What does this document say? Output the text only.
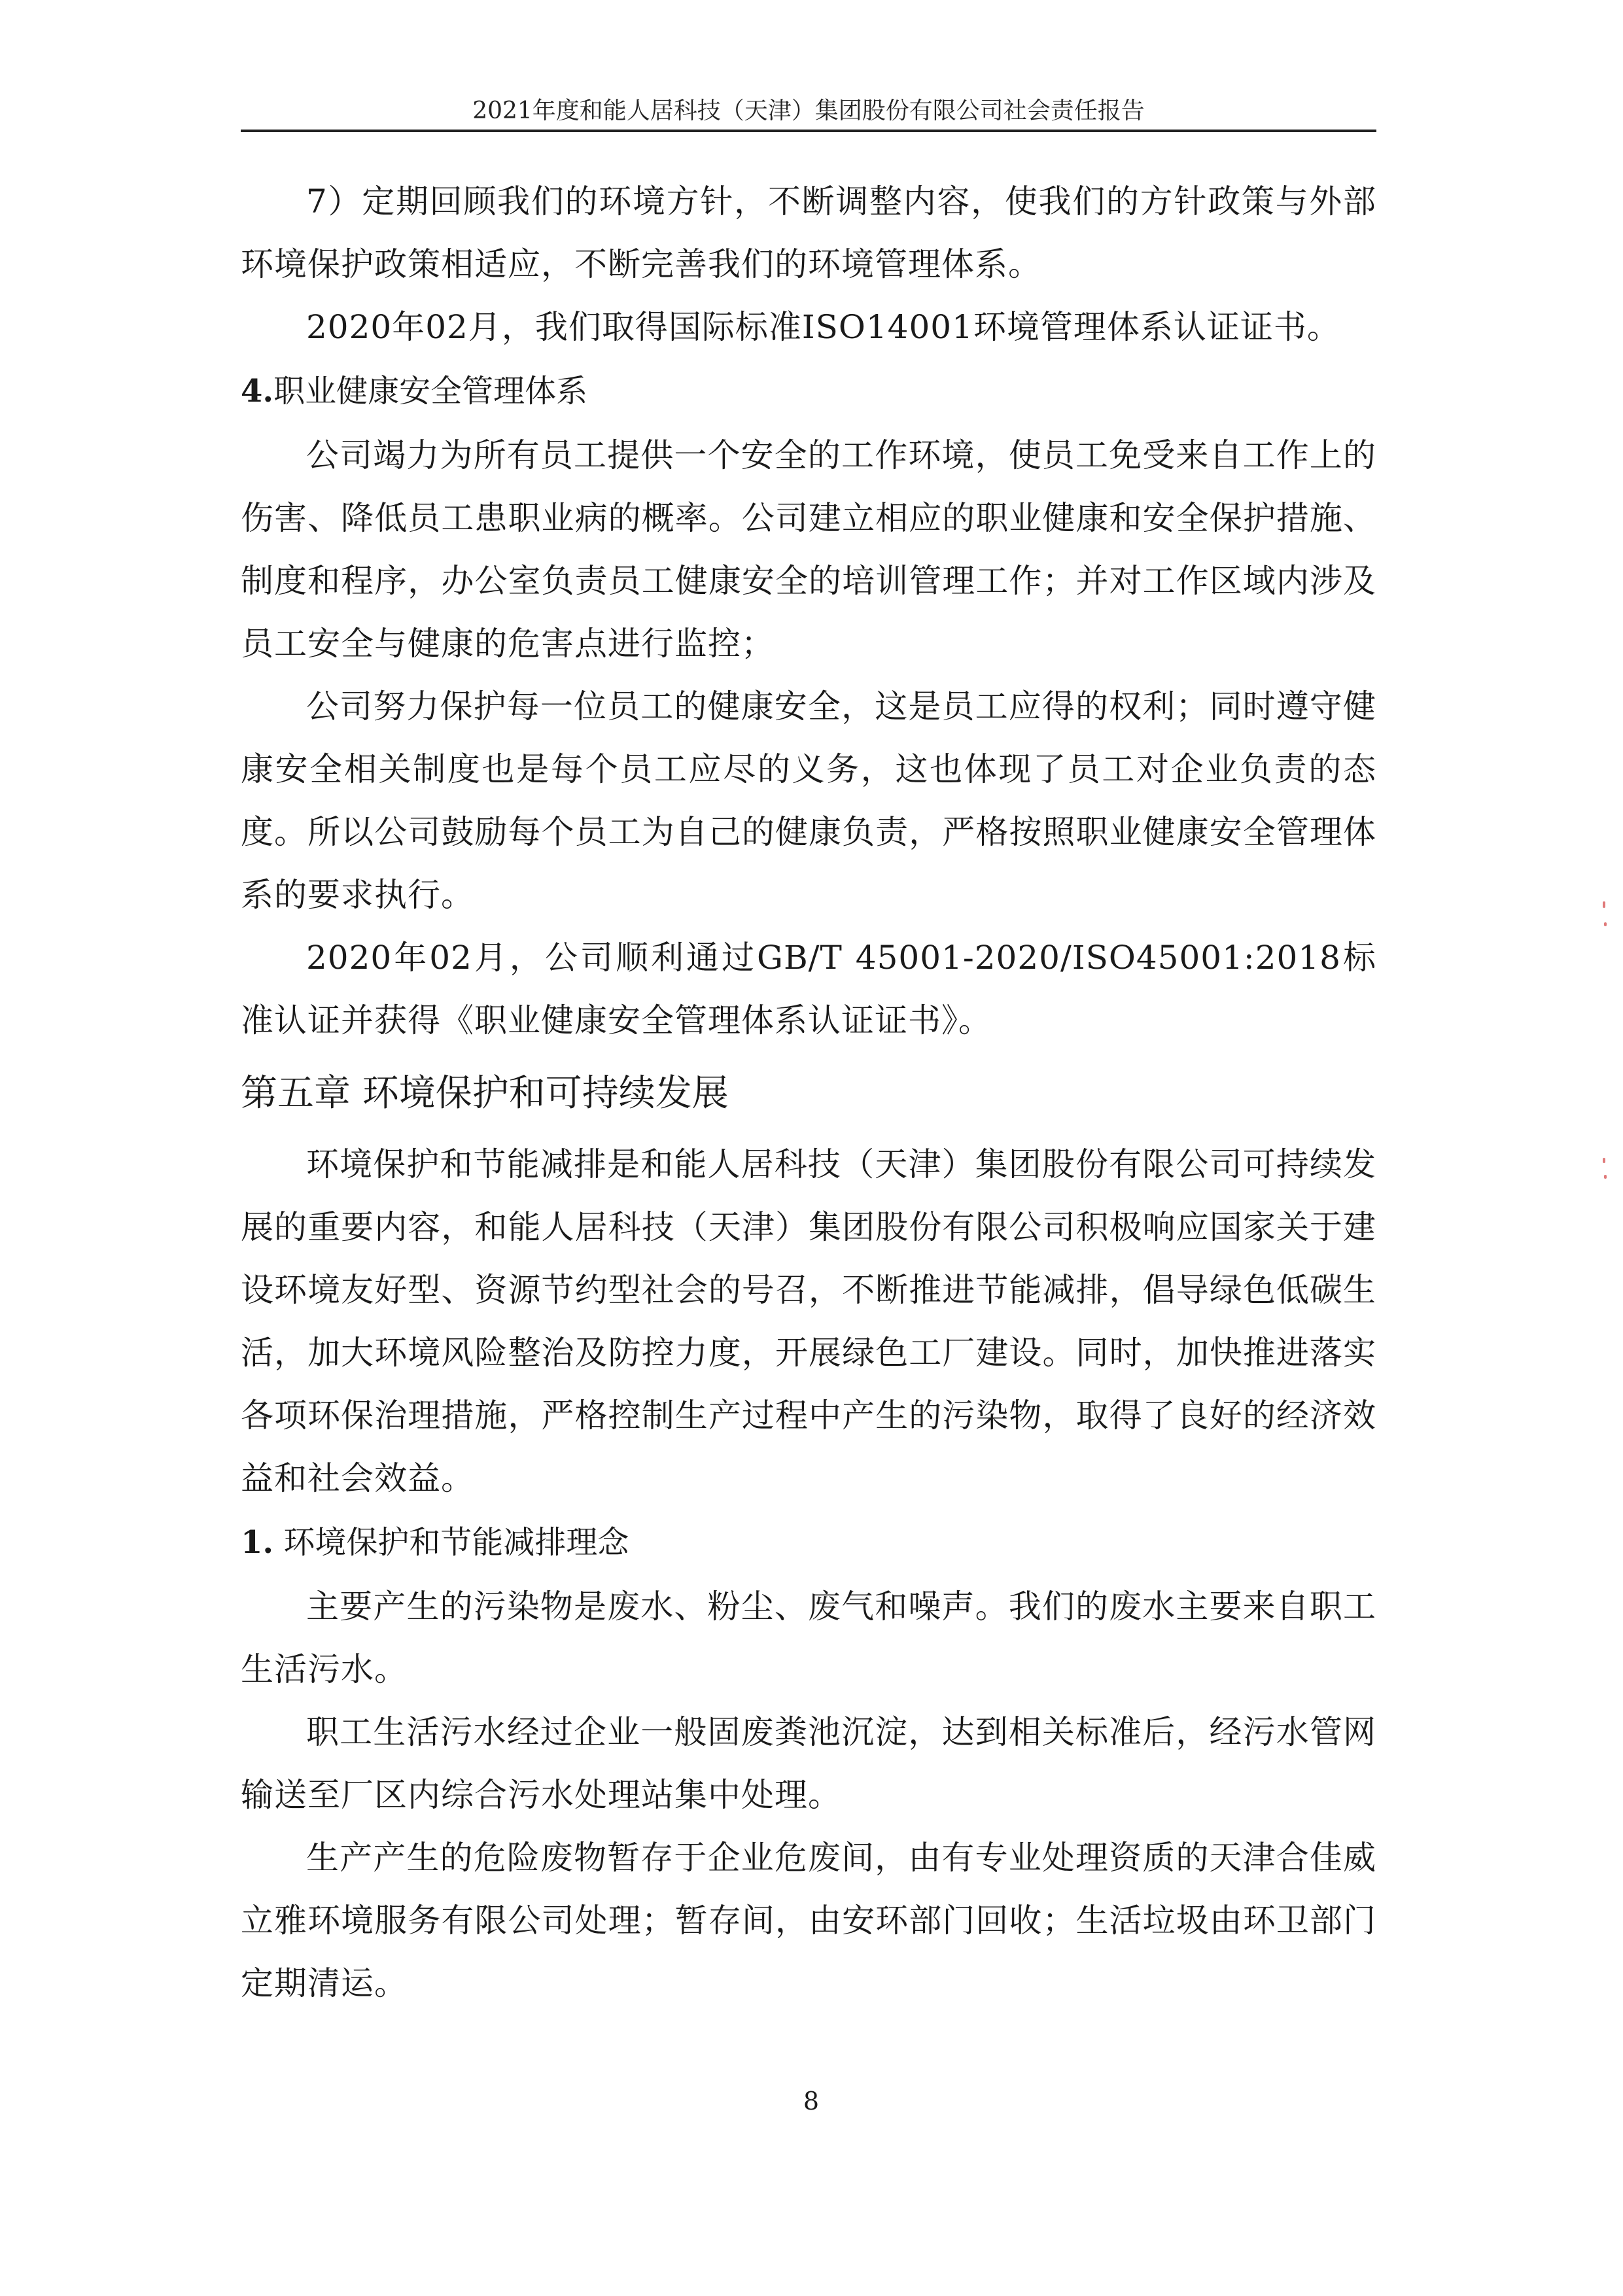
2021年度和能人居科技（天津）集团股份有限公司社会责任报告

7）定期回顾我们的环境方针，不断调整内容，使我们的方针政策与外部环境保护政策相适应，不断完善我们的环境管理体系。

2020年02月，我们取得国际标准ISO14001环境管理体系认证证书。

4.职业健康安全管理体系

公司竭力为所有员工提供一个安全的工作环境，使员工免受来自工作上的伤害、降低员工患职业病的概率。公司建立相应的职业健康和安全保护措施、制度和程序，办公室负责员工健康安全的培训管理工作；并对工作区域内涉及员工安全与健康的危害点进行监控；

公司努力保护每一位员工的健康安全，这是员工应得的权利；同时遵守健康安全相关制度也是每个员工应尽的义务，这也体现了员工对企业负责的态度。所以公司鼓励每个员工为自己的健康负责，严格按照职业健康安全管理体系的要求执行。

2020年02月，公司顺利通过GB/T 45001-2020/ISO45001:2018标准认证并获得《职业健康安全管理体系认证证书》。

第五章 环境保护和可持续发展

环境保护和节能减排是和能人居科技（天津）集团股份有限公司可持续发展的重要内容，和能人居科技（天津）集团股份有限公司积极响应国家关于建设环境友好型、资源节约型社会的号召，不断推进节能减排，倡导绿色低碳生活，加大环境风险整治及防控力度，开展绿色工厂建设。同时，加快推进落实各项环保治理措施，严格控制生产过程中产生的污染物，取得了良好的经济效益和社会效益。

1. 环境保护和节能减排理念

主要产生的污染物是废水、粉尘、废气和噪声。我们的废水主要来自职工生活污水。

职工生活污水经过企业一般固废粪池沉淀，达到相关标准后，经污水管网输送至厂区内综合污水处理站集中处理。

生产产生的危险废物暂存于企业危废间，由有专业处理资质的天津合佳威立雅环境服务有限公司处理；暂存间，由安环部门回收；生活垃圾由环卫部门定期清运。

8
